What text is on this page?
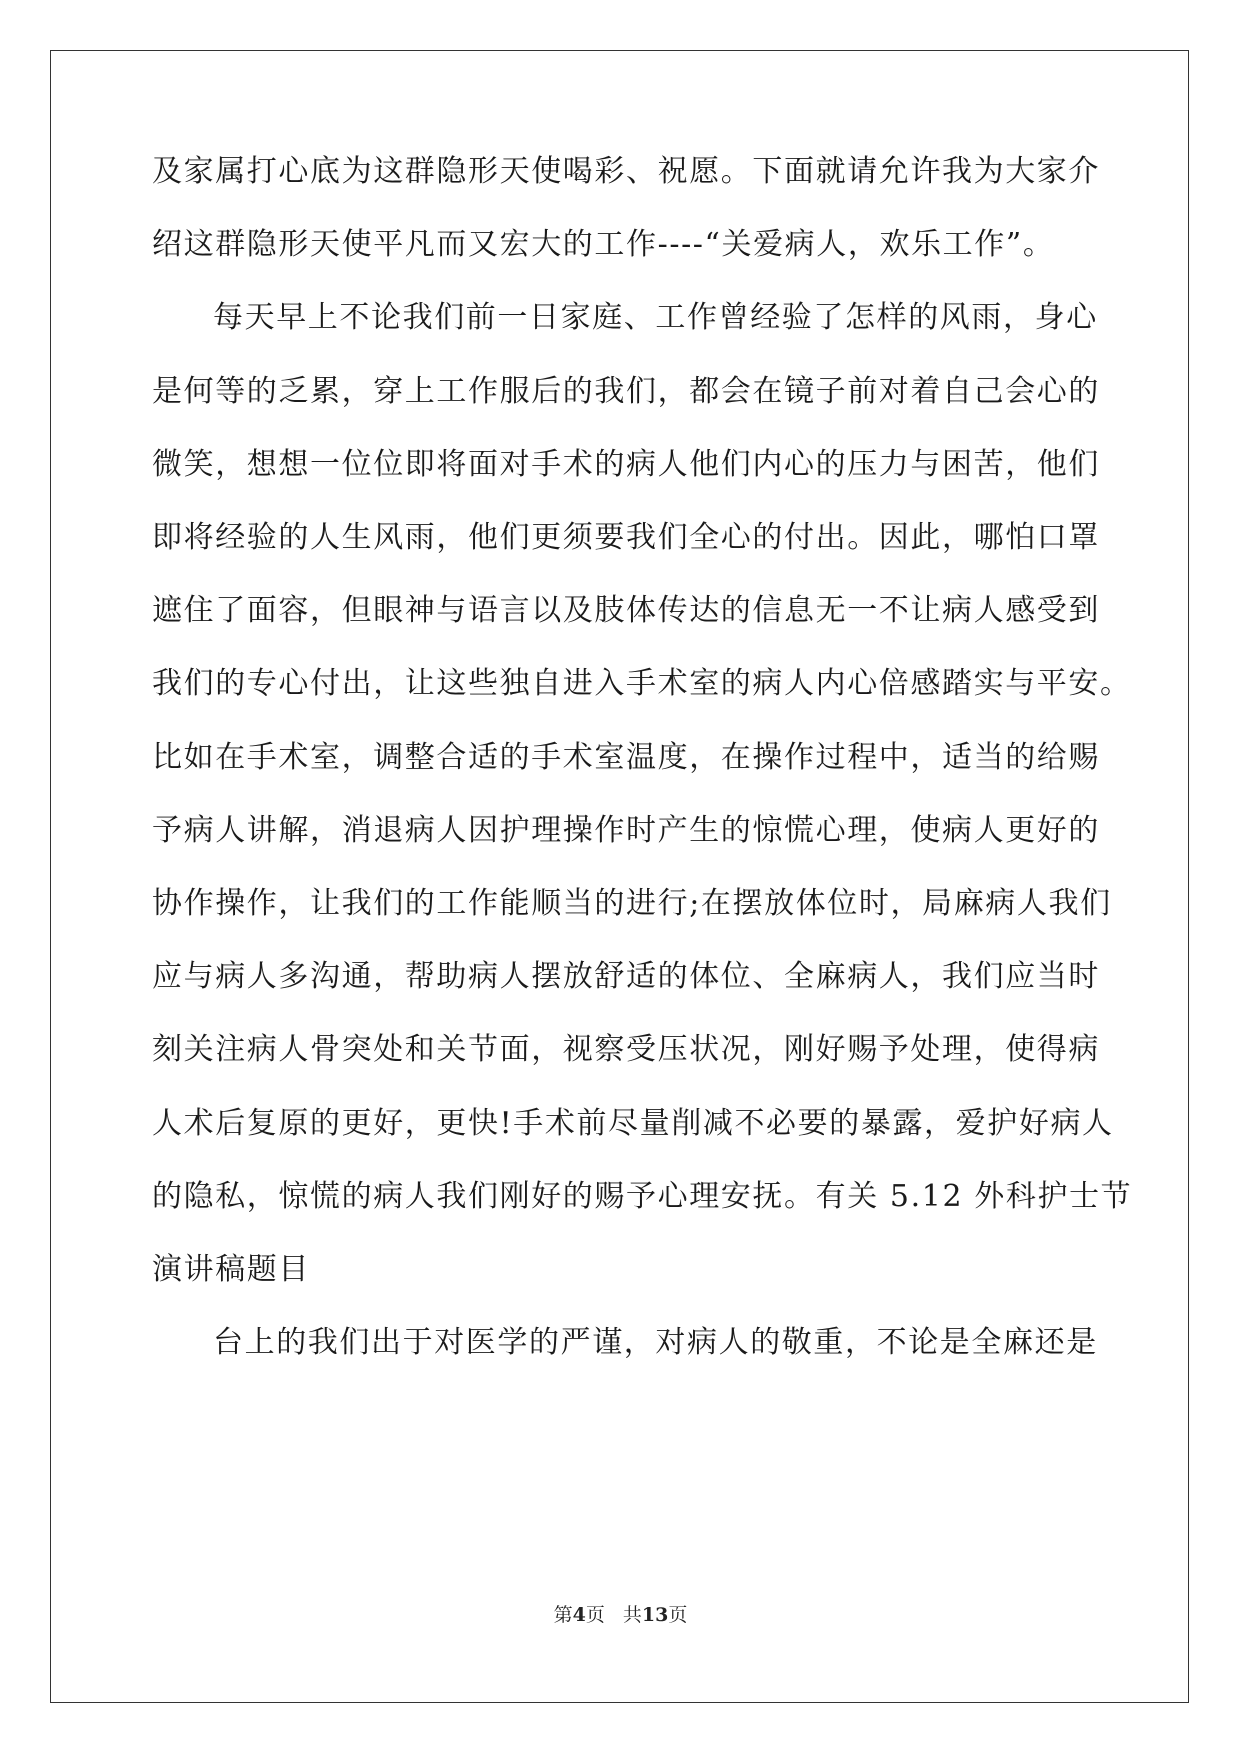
及家属打心底为这群隐形天使喝彩、祝愿。下面就请允许我为大家介
绍这群隐形天使平凡而又宏大的工作----“关爱病人，欢乐工作”。
每天早上不论我们前一日家庭、工作曾经验了怎样的风雨，身心
是何等的乏累，穿上工作服后的我们，都会在镜子前对着自己会心的
微笑，想想一位位即将面对手术的病人他们内心的压力与困苦，他们
即将经验的人生风雨，他们更须要我们全心的付出。因此，哪怕口罩
遮住了面容，但眼神与语言以及肢体传达的信息无一不让病人感受到
我们的专心付出，让这些独自进入手术室的病人内心倍感踏实与平安。
比如在手术室，调整合适的手术室温度，在操作过程中，适当的给赐
予病人讲解，消退病人因护理操作时产生的惊慌心理，使病人更好的
协作操作，让我们的工作能顺当的进行;在摆放体位时，局麻病人我们
应与病人多沟通，帮助病人摆放舒适的体位、全麻病人，我们应当时
刻关注病人骨突处和关节面，视察受压状况，刚好赐予处理，使得病
人术后复原的更好，更快!手术前尽量削减不必要的暴露，爱护好病人
的隐私，惊慌的病人我们刚好的赐予心理安抚。有关 5.12 外科护士节
演讲稿题目
台上的我们出于对医学的严谨，对病人的敬重，不论是全麻还是
第4页 共13页
